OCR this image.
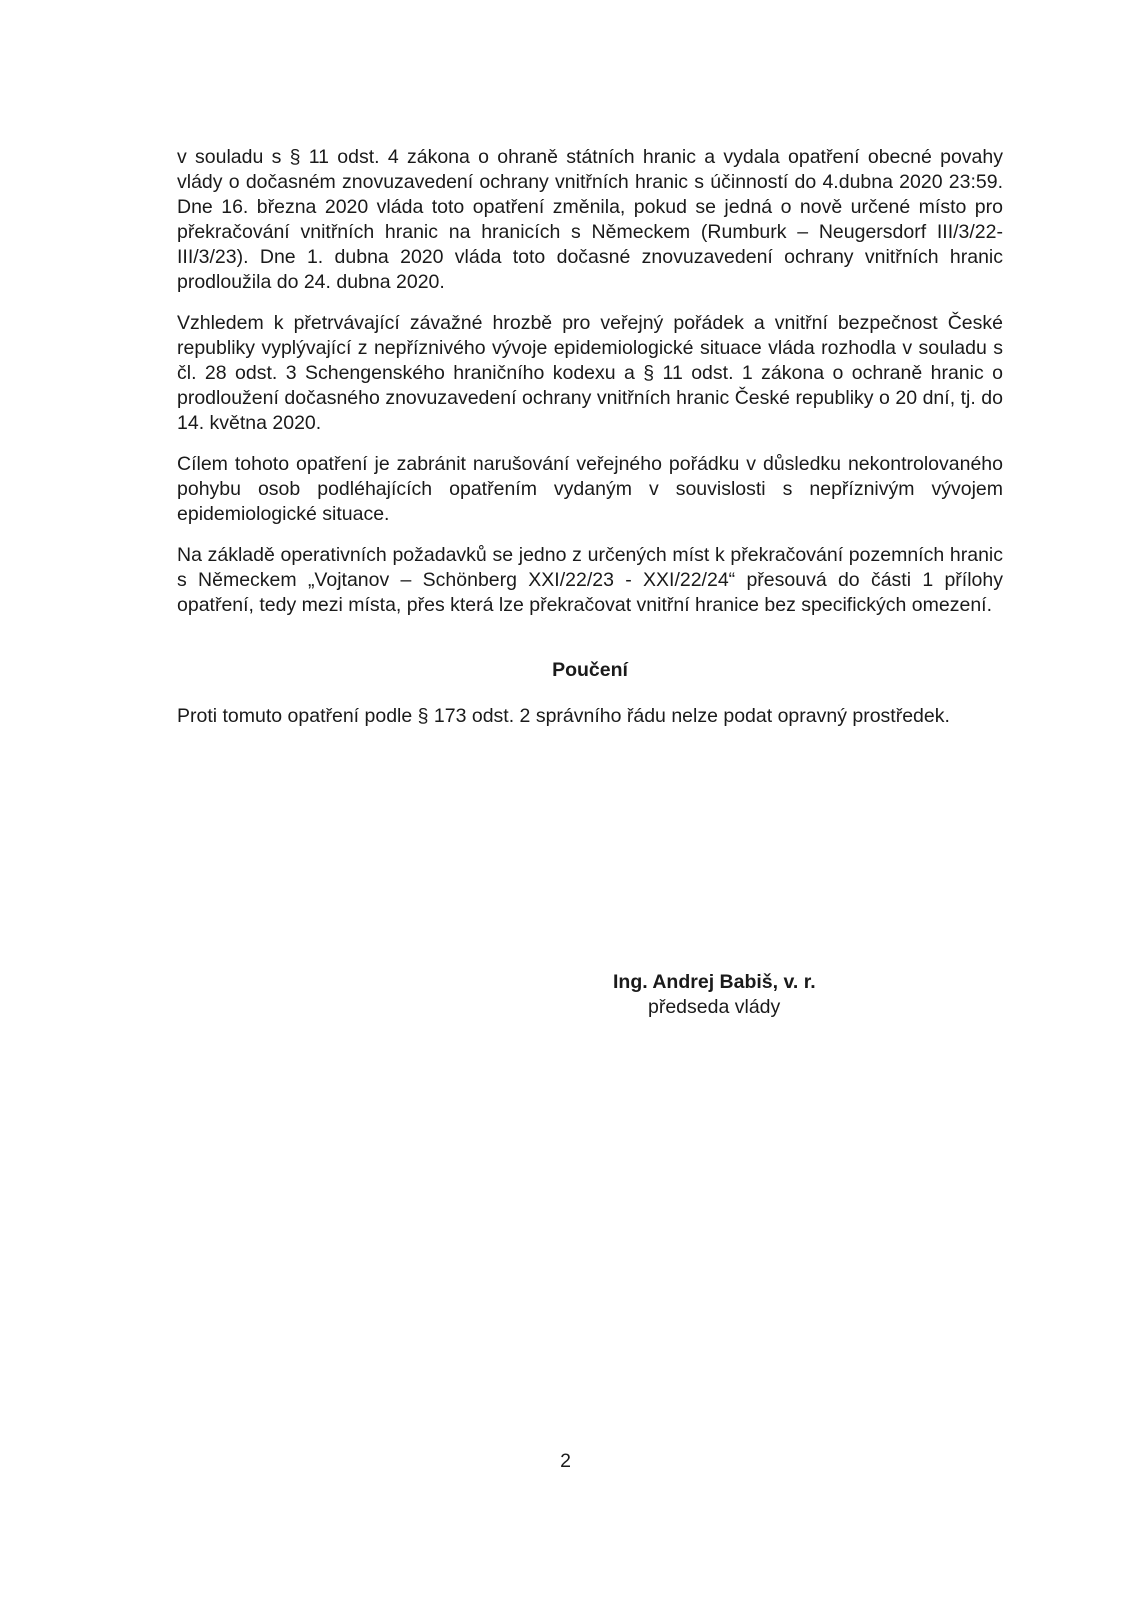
v souladu s § 11 odst. 4 zákona o ohraně státních hranic a vydala opatření obecné povahy vlády o dočasném znovuzavedení ochrany vnitřních hranic s účinností do 4.dubna 2020 23:59. Dne 16. března 2020 vláda toto opatření změnila, pokud se jedná o nově určené místo pro překračování vnitřních hranic na hranicích s Německem (Rumburk – Neugersdorf III/3/22-III/3/23). Dne 1. dubna 2020 vláda toto dočasné znovuzavedení ochrany vnitřních hranic prodloužila do 24. dubna 2020.

Vzhledem k přetrvávající závažné hrozbě pro veřejný pořádek a vnitřní bezpečnost České republiky vyplývající z nepříznivého vývoje epidemiologické situace vláda rozhodla v souladu s čl. 28 odst. 3 Schengenského hraničního kodexu a § 11 odst. 1 zákona o ochraně hranic o prodloužení dočasného znovuzavedení ochrany vnitřních hranic České republiky o 20 dní, tj. do 14. května 2020.

Cílem tohoto opatření je zabránit narušování veřejného pořádku v důsledku nekontrolovaného pohybu osob podléhajících opatřením vydaným v souvislosti s nepříznivým vývojem epidemiologické situace.

Na základě operativních požadavků se jedno z určených míst k překračování pozemních hranic s Německem „Vojtanov – Schönberg XXI/22/23 - XXI/22/24“ přesouvá do části 1 přílohy opatření, tedy mezi místa, přes která lze překračovat vnitřní hranice bez specifických omezení.

Poučení

Proti tomuto opatření podle § 173 odst. 2 správního řádu nelze podat opravný prostředek.

Ing. Andrej Babiš, v. r.
předseda vlády
2
